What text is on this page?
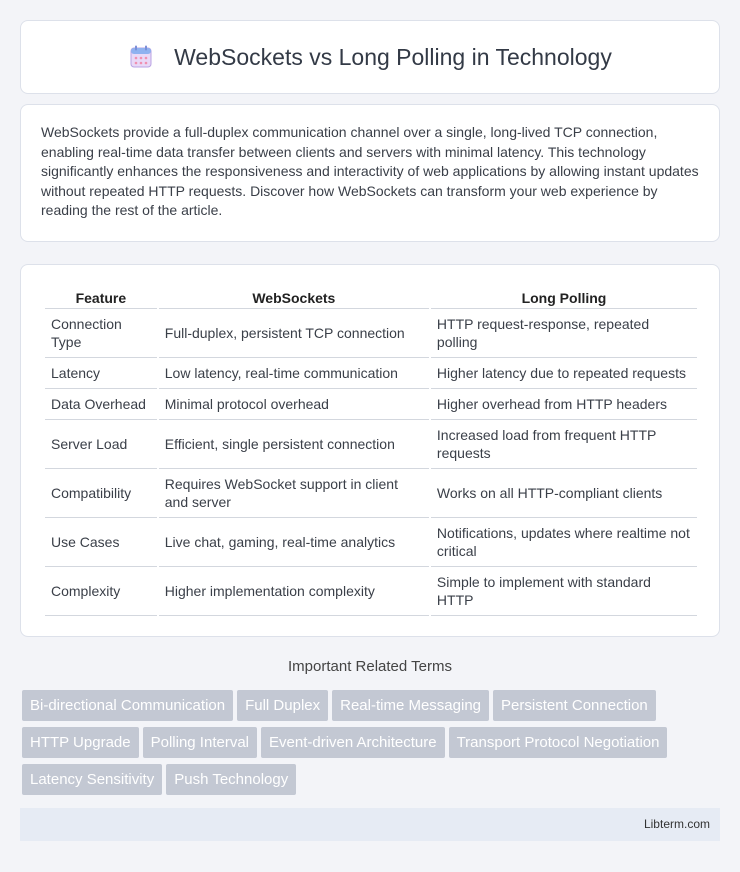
WebSockets vs Long Polling in Technology

WebSockets provide a full-duplex communication channel over a single, long-lived TCP connection, enabling real-time data transfer between clients and servers with minimal latency. This technology significantly enhances the responsiveness and interactivity of web applications by allowing instant updates without repeated HTTP requests. Discover how WebSockets can transform your web experience by reading the rest of the article.

Feature	WebSockets	Long Polling
Connection Type	Full-duplex, persistent TCP connection	HTTP request-response, repeated polling
Latency	Low latency, real-time communication	Higher latency due to repeated requests
Data Overhead	Minimal protocol overhead	Higher overhead from HTTP headers
Server Load	Efficient, single persistent connection	Increased load from frequent HTTP requests
Compatibility	Requires WebSocket support in client and server	Works on all HTTP-compliant clients
Use Cases	Live chat, gaming, real-time analytics	Notifications, updates where realtime not critical
Complexity	Higher implementation complexity	Simple to implement with standard HTTP
Important Related Terms
Bi-directional Communication	Full Duplex	Real-time Messaging	Persistent Connection
HTTP Upgrade	Polling Interval	Event-driven Architecture	Transport Protocol Negotiation
Latency Sensitivity	Push Technology
Libterm.com
